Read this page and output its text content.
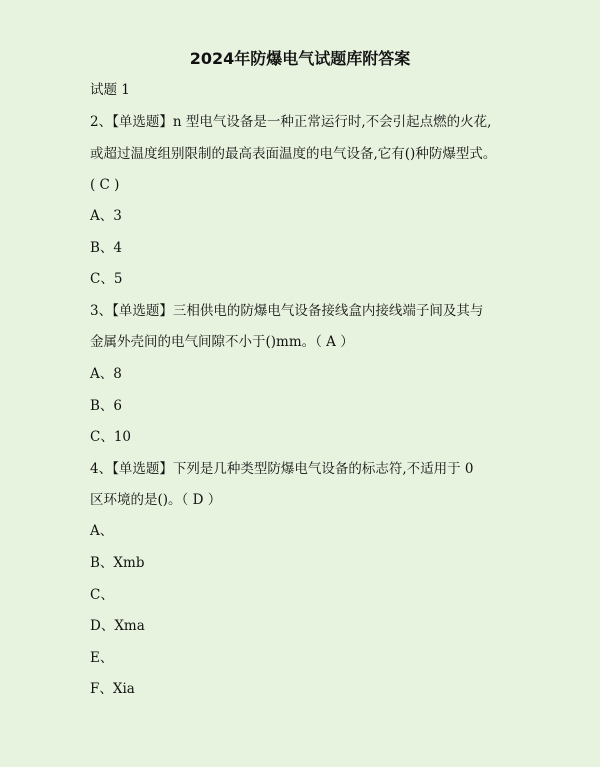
2024年防爆电气试题库附答案
试题 1
2、【单选题】n 型电气设备是一种正常运行时,不会引起点燃的火花,
或超过温度组别限制的最高表面温度的电气设备,它有()种防爆型式。
( C )
A、3
B、4
C、5
3、【单选题】三相供电的防爆电气设备接线盒内接线端子间及其与
金属外壳间的电气间隙不小于()mm。（ A ）
A、8
B、6
C、10
4、【单选题】下列是几种类型防爆电气设备的标志符,不适用于 0
区环境的是()。（ D ）
A、
B、Xmb
C、
D、Xma
E、
F、Xia
